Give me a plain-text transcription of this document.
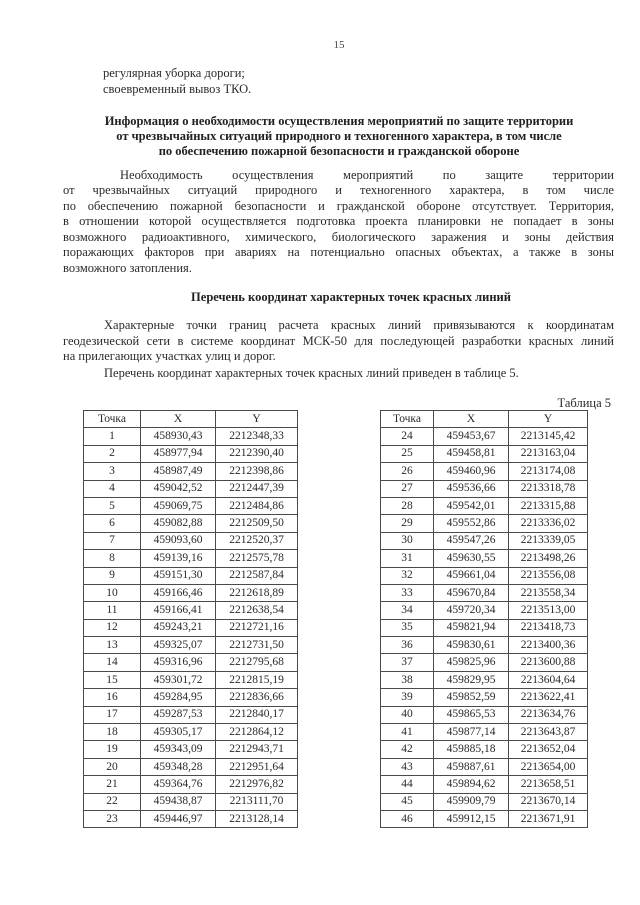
15
регулярная уборка дороги;
своевременный вывоз ТКО.
Информация о необходимости осуществления мероприятий по защите территории
от чрезвычайных ситуаций природного и техногенного характера, в том числе
по обеспечению пожарной безопасности и гражданской обороне
Необходимость осуществления мероприятий по защите территории
от чрезвычайных ситуаций природного и техногенного характера, в том числе
по обеспечению пожарной безопасности и гражданской обороне отсутствует. Территория,
в отношении которой осуществляется подготовка проекта планировки не попадает в зоны
возможного радиоактивного, химического, биологического заражения и зоны действия
поражающих факторов при авариях на потенциально опасных объектах, а также в зоны
возможного затопления.
Перечень координат характерных точек красных линий
Характерные точки границ расчета красных линий привязываются к координатам
геодезической сети в системе координат МСК-50 для последующей разработки красных линий
на прилегающих участках улиц и дорог.
Перечень координат характерных точек красных линий приведен в таблице 5.
Таблица 5
Точка	X	Y
1	458930,43	2212348,33
2	458977,94	2212390,40
3	458987,49	2212398,86
4	459042,52	2212447,39
5	459069,75	2212484,86
6	459082,88	2212509,50
7	459093,60	2212520,37
8	459139,16	2212575,78
9	459151,30	2212587,84
10	459166,46	2212618,89
11	459166,41	2212638,54
12	459243,21	2212721,16
13	459325,07	2212731,50
14	459316,96	2212795,68
15	459301,72	2212815,19
16	459284,95	2212836,66
17	459287,53	2212840,17
18	459305,17	2212864,12
19	459343,09	2212943,71
20	459348,28	2212951,64
21	459364,76	2212976,82
22	459438,87	2213111,70
23	459446,97	2213128,14
Точка	X	Y
24	459453,67	2213145,42
25	459458,81	2213163,04
26	459460,96	2213174,08
27	459536,66	2213318,78
28	459542,01	2213315,88
29	459552,86	2213336,02
30	459547,26	2213339,05
31	459630,55	2213498,26
32	459661,04	2213556,08
33	459670,84	2213558,34
34	459720,34	2213513,00
35	459821,94	2213418,73
36	459830,61	2213400,36
37	459825,96	2213600,88
38	459829,95	2213604,64
39	459852,59	2213622,41
40	459865,53	2213634,76
41	459877,14	2213643,87
42	459885,18	2213652,04
43	459887,61	2213654,00
44	459894,62	2213658,51
45	459909,79	2213670,14
46	459912,15	2213671,91
